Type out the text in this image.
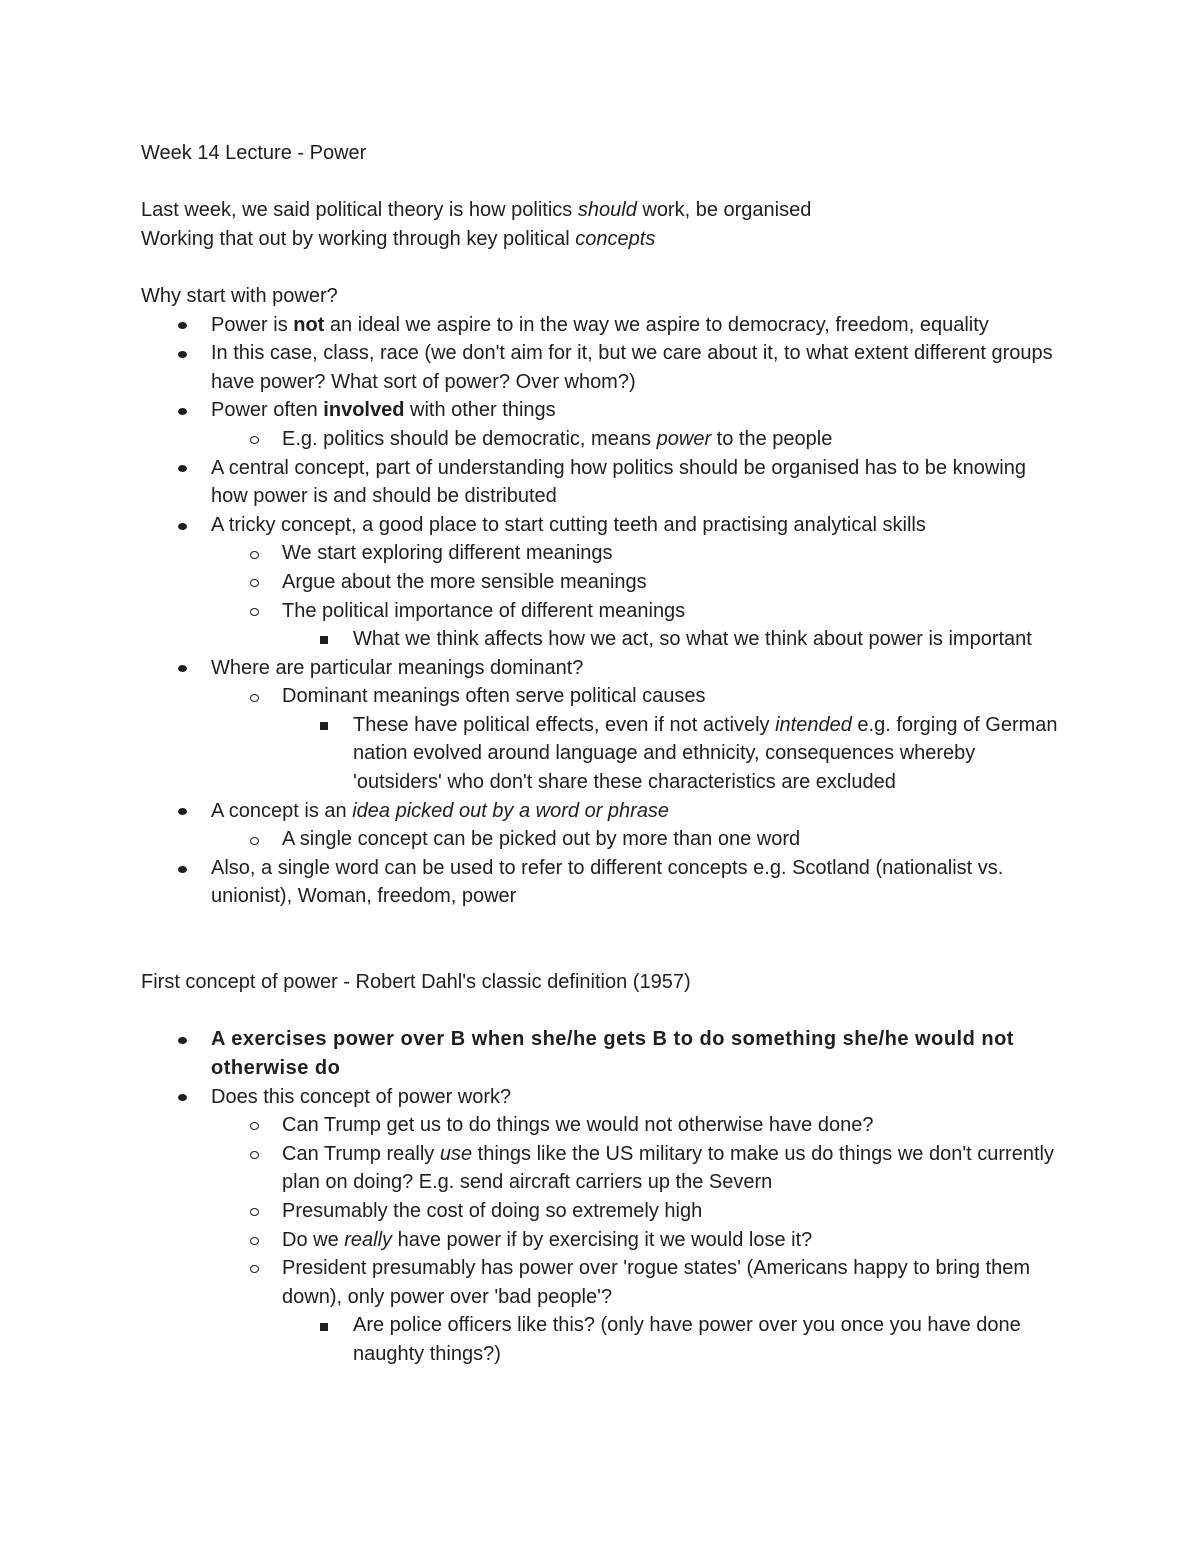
Week 14 Lecture - Power

Last week, we said political theory is how politics should work, be organised

Working that out by working through key political concepts

Why start with power?

Power is not an ideal we aspire to in the way we aspire to democracy, freedom, equality
In this case, class, race (we don't aim for it, but we care about it, to what extent different groups have power? What sort of power? Over whom?)
Power often involved with other things
E.g. politics should be democratic, means power to the people
A central concept, part of understanding how politics should be organised has to be knowing how power is and should be distributed
A tricky concept, a good place to start cutting teeth and practising analytical skills
We start exploring different meanings
Argue about the more sensible meanings
The political importance of different meanings
What we think affects how we act, so what we think about power is important
Where are particular meanings dominant?
Dominant meanings often serve political causes
These have political effects, even if not actively intended e.g. forging of German nation evolved around language and ethnicity, consequences whereby 'outsiders' who don't share these characteristics are excluded
A concept is an idea picked out by a word or phrase
A single concept can be picked out by more than one word
Also, a single word can be used to refer to different concepts e.g. Scotland (nationalist vs. unionist), Woman, freedom, power

First concept of power - Robert Dahl's classic definition (1957)

A exercises power over B when she/he gets B to do something she/he would not otherwise do
Does this concept of power work?
Can Trump get us to do things we would not otherwise have done?
Can Trump really use things like the US military to make us do things we don't currently plan on doing? E.g. send aircraft carriers up the Severn
Presumably the cost of doing so extremely high
Do we really have power if by exercising it we would lose it?
President presumably has power over 'rogue states' (Americans happy to bring them down), only power over 'bad people'?
Are police officers like this? (only have power over you once you have done naughty things?)
